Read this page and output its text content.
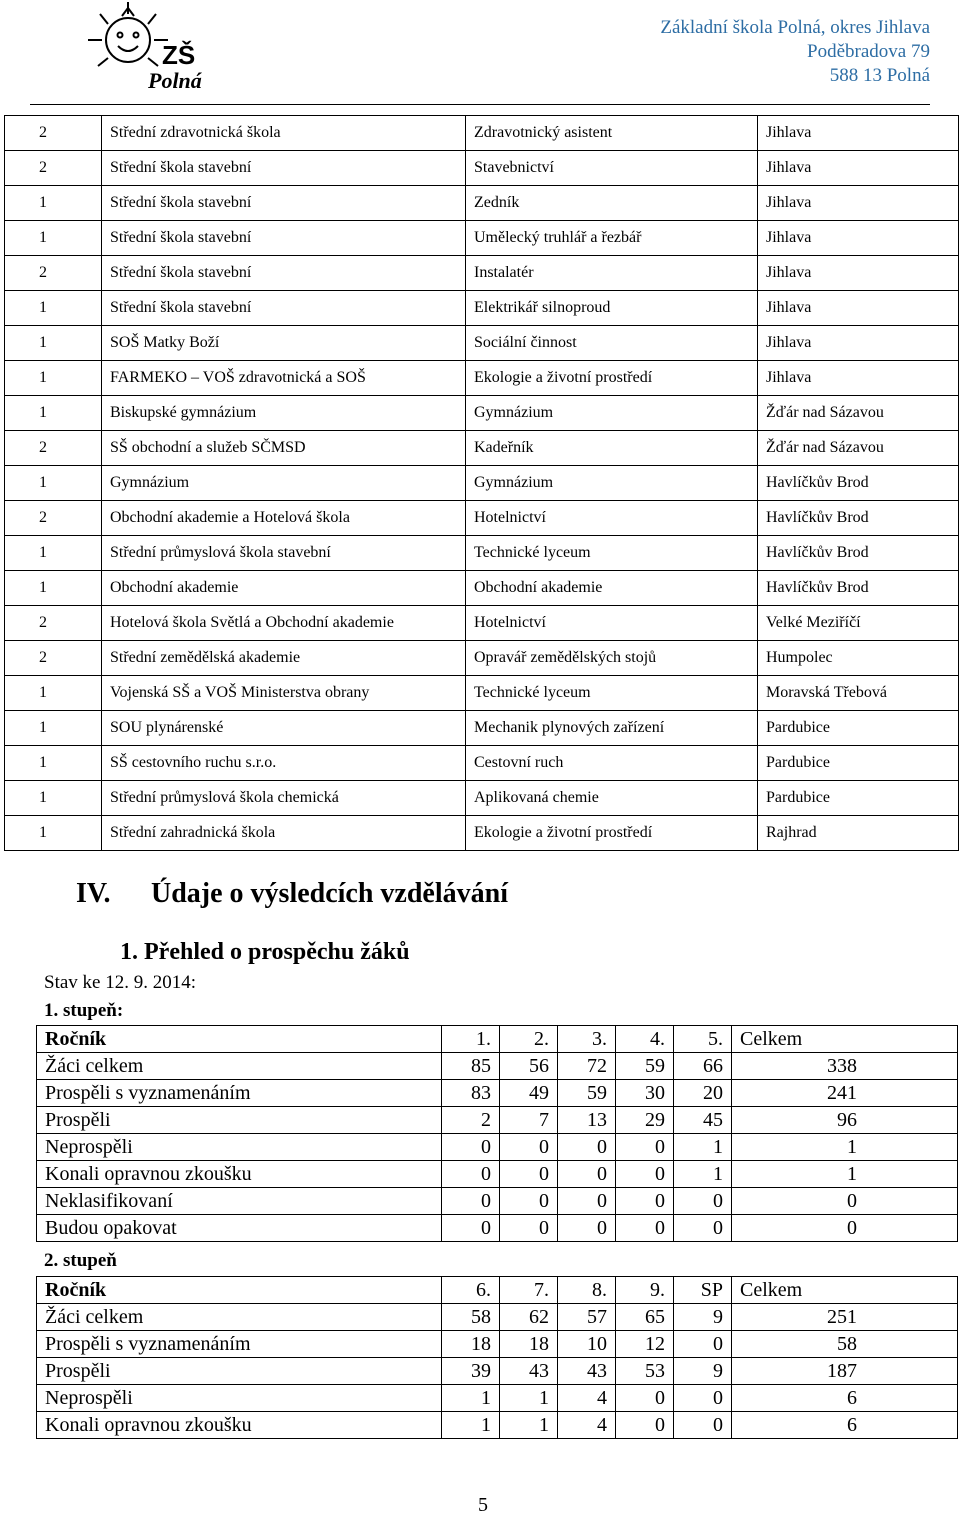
Polná
ZŠ
Základní škola Polná, okres Jihlava
Poděbradova 79
588 13 Polná
2	Střední zdravotnická škola	Zdravotnický asistent	Jihlava
2	Střední škola stavební	Stavebnictví	Jihlava
1	Střední škola stavební	Zedník	Jihlava
1	Střední škola stavební	Umělecký truhlář a řezbář	Jihlava
2	Střední škola stavební	Instalatér	Jihlava
1	Střední škola stavební	Elektrikář silnoproud	Jihlava
1	SOŠ Matky Boží	Sociální činnost	Jihlava
1	FARMEKO – VOŠ zdravotnická a SOŠ	Ekologie a životní prostředí	Jihlava
1	Biskupské gymnázium	Gymnázium	Žďár nad Sázavou
2	SŠ obchodní a služeb SČMSD	Kadeřník	Žďár nad Sázavou
1	Gymnázium	Gymnázium	Havlíčkův Brod
2	Obchodní akademie a Hotelová škola	Hotelnictví	Havlíčkův Brod
1	Střední průmyslová škola stavební	Technické lyceum	Havlíčkův Brod
1	Obchodní akademie	Obchodní akademie	Havlíčkův Brod
2	Hotelová škola Světlá a Obchodní akademie	Hotelnictví	Velké Meziříčí
2	Střední zemědělská akademie	Opravář zemědělských stojů	Humpolec
1	Vojenská SŠ a VOŠ Ministerstva obrany	Technické lyceum	Moravská Třebová
1	SOU plynárenské	Mechanik plynových zařízení	Pardubice
1	SŠ cestovního ruchu s.r.o.	Cestovní ruch	Pardubice
1	Střední průmyslová škola chemická	Aplikovaná chemie	Pardubice
1	Střední zahradnická škola	Ekologie a životní prostředí	Rajhrad
IV. Údaje o výsledcích vzdělávání
1. Přehled o prospěchu žáků
Stav ke 12. 9. 2014:
1. stupeň:
Ročník	1.	2.	3.	4.	5.	Celkem
Žáci celkem	85	56	72	59	66	338
Prospěli s vyznamenáním	83	49	59	30	20	241
Prospěli	2	7	13	29	45	96
Neprospěli	0	0	0	0	1	1
Konali opravnou zkoušku	0	0	0	0	1	1
Neklasifikovaní	0	0	0	0	0	0
Budou opakovat	0	0	0	0	0	0
2. stupeň
Ročník	6.	7.	8.	9.	SP	Celkem
Žáci celkem	58	62	57	65	9	251
Prospěli s vyznamenáním	18	18	10	12	0	58
Prospěli	39	43	43	53	9	187
Neprospěli	1	1	4	0	0	6
Konali opravnou zkoušku	1	1	4	0	0	6
5
